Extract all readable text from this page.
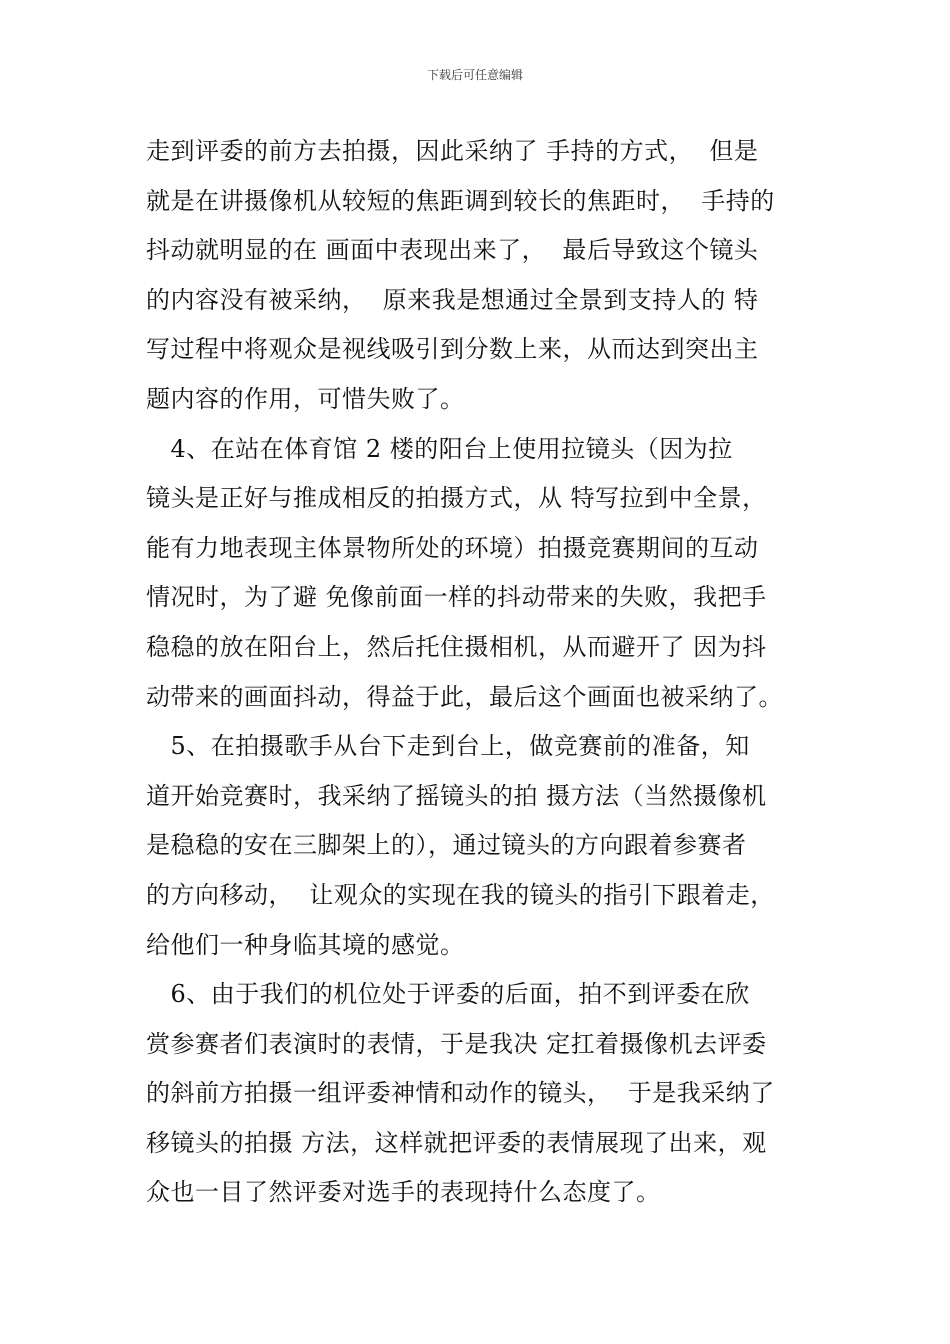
下载后可任意编辑
走到评委的前方去拍摄，因此采纳了 手持的方式，  但是
就是在讲摄像机从较短的焦距调到较长的焦距时，  手持的
抖动就明显的在 画面中表现出来了，  最后导致这个镜头
的内容没有被采纳，  原来我是想通过全景到支持人的 特
写过程中将观众是视线吸引到分数上来，从而达到突出主
题内容的作用，可惜失败了。
　4、在站在体育馆 2 楼的阳台上使用拉镜头（因为拉
镜头是正好与推成相反的拍摄方式，从 特写拉到中全景，
能有力地表现主体景物所处的环境）拍摄竞赛期间的互动
情况时，为了避 免像前面一样的抖动带来的失败，我把手
稳稳的放在阳台上，然后托住摄相机，从而避开了 因为抖
动带来的画面抖动，得益于此，最后这个画面也被采纳了。
　5、在拍摄歌手从台下走到台上，做竞赛前的准备，知
道开始竞赛时，我采纳了摇镜头的拍 摄方法（当然摄像机
是稳稳的安在三脚架上的），通过镜头的方向跟着参赛者
的方向移动，  让观众的实现在我的镜头的指引下跟着走，
给他们一种身临其境的感觉。
　6、由于我们的机位处于评委的后面，拍不到评委在欣
赏参赛者们表演时的表情，于是我决 定扛着摄像机去评委
的斜前方拍摄一组评委神情和动作的镜头，  于是我采纳了
移镜头的拍摄 方法，这样就把评委的表情展现了出来，观
众也一目了然评委对选手的表现持什么态度了。
